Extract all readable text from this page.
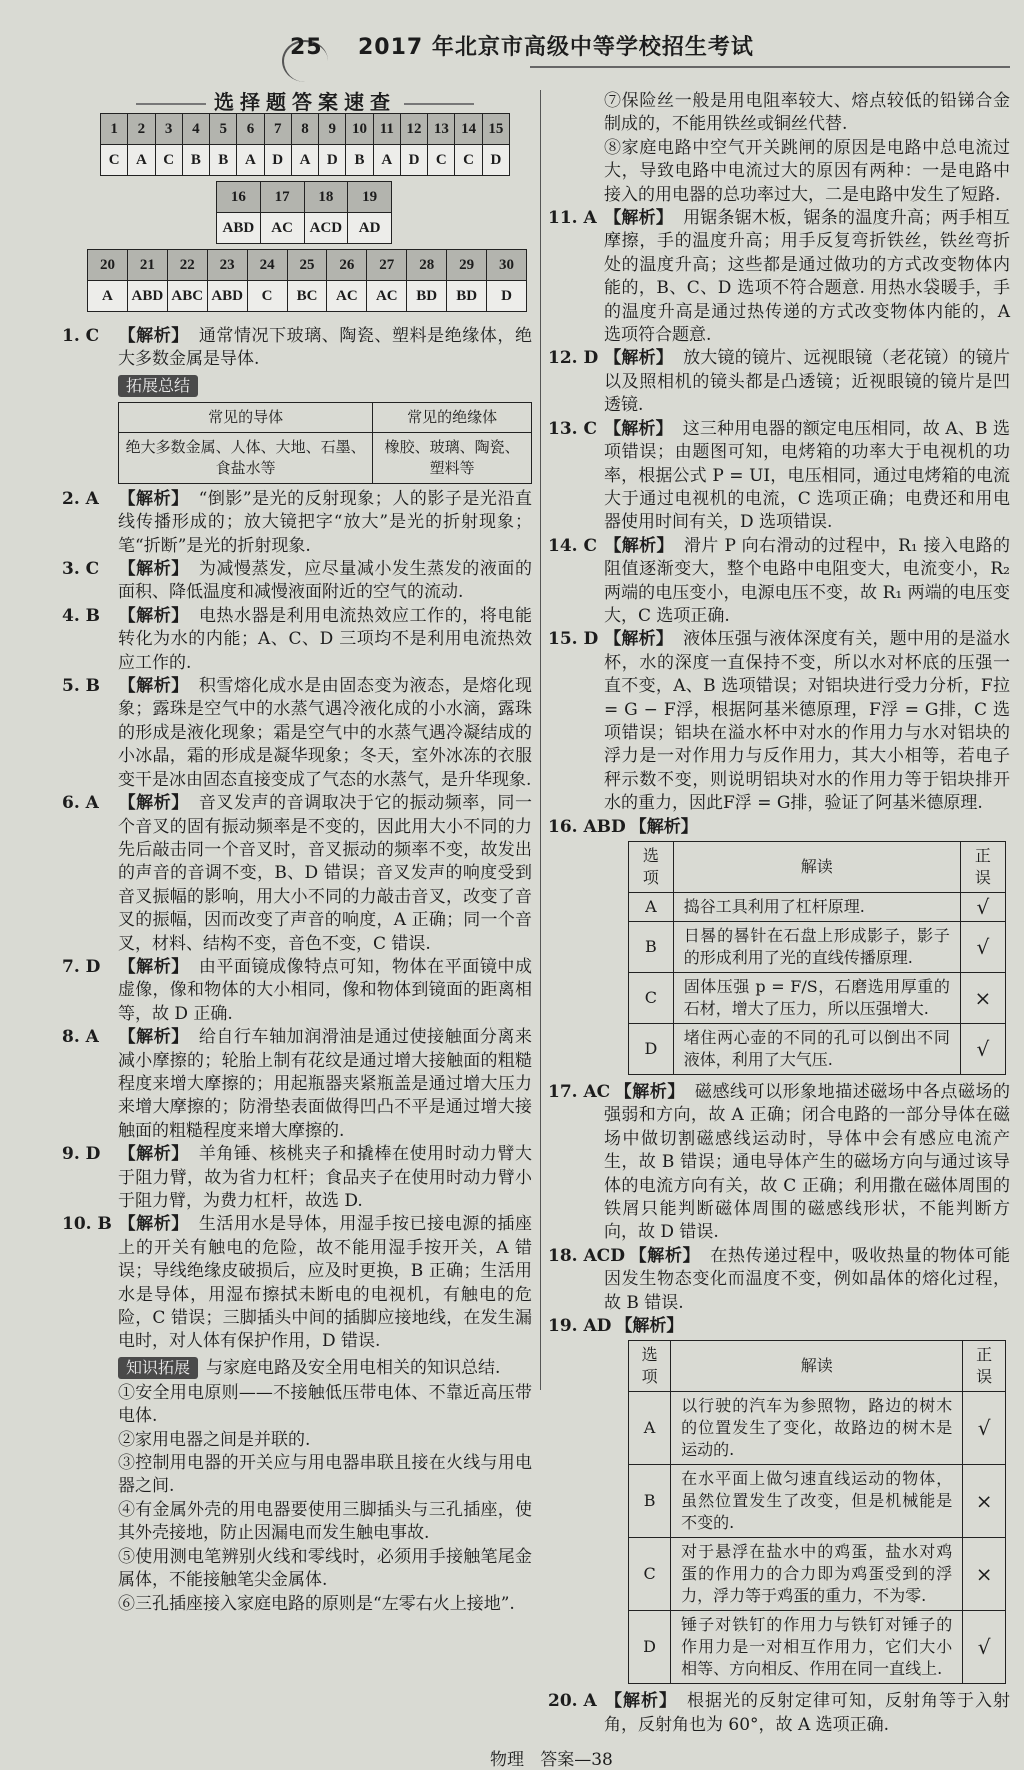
25 2017 年北京市高级中等学校招生考试
选择题答案速查
1	2	3	4	5	6	7	8	9	10	11	12	13	14	15
C	A	C	B	B	A	D	A	D	B	A	D	C	C	D
16	17	18	19
ABD	AC	ACD	AD
20	21	22	23	24	25	26	27	28	29	30
A	ABD	ABC	ABD	C	BC	AC	AC	BD	BD	D
1. C 【解析】 通常情况下玻璃、陶瓷、塑料是绝缘体，绝大多数金属是导体.
拓展总结
常见的导体	常见的绝缘体
绝大多数金属、人体、大地、石墨、食盐水等	橡胶、玻璃、陶瓷、塑料等
2. A 【解析】 “倒影”是光的反射现象；人的影子是光沿直线传播形成的；放大镜把字“放大”是光的折射现象；笔“折断”是光的折射现象.
3. C 【解析】 为减慢蒸发，应尽量减小发生蒸发的液面的面积、降低温度和减慢液面附近的空气的流动.
4. B 【解析】 电热水器是利用电流热效应工作的，将电能转化为水的内能；A、C、D 三项均不是利用电流热效应工作的.
5. B 【解析】 积雪熔化成水是由固态变为液态，是熔化现象；露珠是空气中的水蒸气遇冷液化成的小水滴，露珠的形成是液化现象；霜是空气中的水蒸气遇冷凝结成的小冰晶，霜的形成是凝华现象；冬天，室外冰冻的衣服变干是冰由固态直接变成了气态的水蒸气，是升华现象.
6. A 【解析】 音叉发声的音调取决于它的振动频率，同一个音叉的固有振动频率是不变的，因此用大小不同的力先后敲击同一个音叉时，音叉振动的频率不变，故发出的声音的音调不变，B、D 错误；音叉发声的响度受到音叉振幅的影响，用大小不同的力敲击音叉，改变了音叉的振幅，因而改变了声音的响度，A 正确；同一个音叉，材料、结构不变，音色不变，C 错误.
7. D 【解析】 由平面镜成像特点可知，物体在平面镜中成虚像，像和物体的大小相同，像和物体到镜面的距离相等，故 D 正确.
8. A 【解析】 给自行车轴加润滑油是通过使接触面分离来减小摩擦的；轮胎上制有花纹是通过增大接触面的粗糙程度来增大摩擦的；用起瓶器夹紧瓶盖是通过增大压力来增大摩擦的；防滑垫表面做得凹凸不平是通过增大接触面的粗糙程度来增大摩擦的.
9. D 【解析】 羊角锤、核桃夹子和撬棒在使用时动力臂大于阻力臂，故为省力杠杆；食品夹子在使用时动力臂小于阻力臂，为费力杠杆，故选 D.
10. B 【解析】 生活用水是导体，用湿手按已接电源的插座上的开关有触电的危险，故不能用湿手按开关，A 错误；导线绝缘皮破损后，应及时更换，B 正确；生活用水是导体，用湿布擦拭未断电的电视机，有触电的危险，C 错误；三脚插头中间的插脚应接地线，在发生漏电时，对人体有保护作用，D 错误.
知识拓展 与家庭电路及安全用电相关的知识总结.
①安全用电原则——不接触低压带电体、不靠近高压带电体.
②家用电器之间是并联的.
③控制用电器的开关应与用电器串联且接在火线与用电器之间.
④有金属外壳的用电器要使用三脚插头与三孔插座，使其外壳接地，防止因漏电而发生触电事故.
⑤使用测电笔辨别火线和零线时，必须用手接触笔尾金属体，不能接触笔尖金属体.
⑥三孔插座接入家庭电路的原则是“左零右火上接地”.
⑦保险丝一般是用电阻率较大、熔点较低的铅锑合金制成的，不能用铁丝或铜丝代替.
⑧家庭电路中空气开关跳闸的原因是电路中总电流过大，导致电路中电流过大的原因有两种：一是电路中接入的用电器的总功率过大，二是电路中发生了短路.
11. A 【解析】 用锯条锯木板，锯条的温度升高；两手相互摩擦，手的温度升高；用手反复弯折铁丝，铁丝弯折处的温度升高；这些都是通过做功的方式改变物体内能的，B、C、D 选项不符合题意. 用热水袋暖手，手的温度升高是通过热传递的方式改变物体内能的，A 选项符合题意.
12. D 【解析】 放大镜的镜片、远视眼镜（老花镜）的镜片以及照相机的镜头都是凸透镜；近视眼镜的镜片是凹透镜.
13. C 【解析】 这三种用电器的额定电压相同，故 A、B 选项错误；由题图可知，电烤箱的功率大于电视机的功率，根据公式 P = UI，电压相同，通过电烤箱的电流大于通过电视机的电流，C 选项正确；电费还和用电器使用时间有关，D 选项错误.
14. C 【解析】 滑片 P 向右滑动的过程中，R₁ 接入电路的阻值逐渐变大，整个电路中电阻变大，电流变小，R₂ 两端的电压变小，电源电压不变，故 R₁ 两端的电压变大，C 选项正确.
15. D 【解析】 液体压强与液体深度有关，题中用的是溢水杯，水的深度一直保持不变，所以水对杯底的压强一直不变，A、B 选项错误；对铝块进行受力分析，F拉 = G − F浮，根据阿基米德原理，F浮 = G排，C 选项错误；铝块在溢水杯中对水的作用力与水对铝块的浮力是一对作用力与反作用力，其大小相等，若电子秤示数不变，则说明铝块对水的作用力等于铝块排开水的重力，因此F浮 = G排，验证了阿基米德原理.
16. ABD 【解析】
选项	解读	正误
A	捣谷工具利用了杠杆原理.	√
B	日晷的晷针在石盘上形成影子，影子的形成利用了光的直线传播原理.	√
C	固体压强 p = F/S，石磨选用厚重的石材，增大了压力，所以压强增大.	×
D	堵住两心壶的不同的孔可以倒出不同液体，利用了大气压.	√
17. AC 【解析】 磁感线可以形象地描述磁场中各点磁场的强弱和方向，故 A 正确；闭合电路的一部分导体在磁场中做切割磁感线运动时，导体中会有感应电流产生，故 B 错误；通电导体产生的磁场方向与通过该导体的电流方向有关，故 C 正确；利用撒在磁体周围的铁屑只能判断磁体周围的磁感线形状，不能判断方向，故 D 错误.
18. ACD 【解析】 在热传递过程中，吸收热量的物体可能因发生物态变化而温度不变，例如晶体的熔化过程，故 B 错误.
19. AD 【解析】
选项	解读	正误
A	以行驶的汽车为参照物，路边的树木的位置发生了变化，故路边的树木是运动的.	√
B	在水平面上做匀速直线运动的物体，虽然位置发生了改变，但是机械能是不变的.	×
C	对于悬浮在盐水中的鸡蛋，盐水对鸡蛋的作用力的合力即为鸡蛋受到的浮力，浮力等于鸡蛋的重力，不为零.	×
D	锤子对铁钉的作用力与铁钉对锤子的作用力是一对相互作用力，它们大小相等、方向相反、作用在同一直线上.	√
20. A 【解析】 根据光的反射定律可知，反射角等于入射角，反射角也为 60°，故 A 选项正确.
物理 答案—38
